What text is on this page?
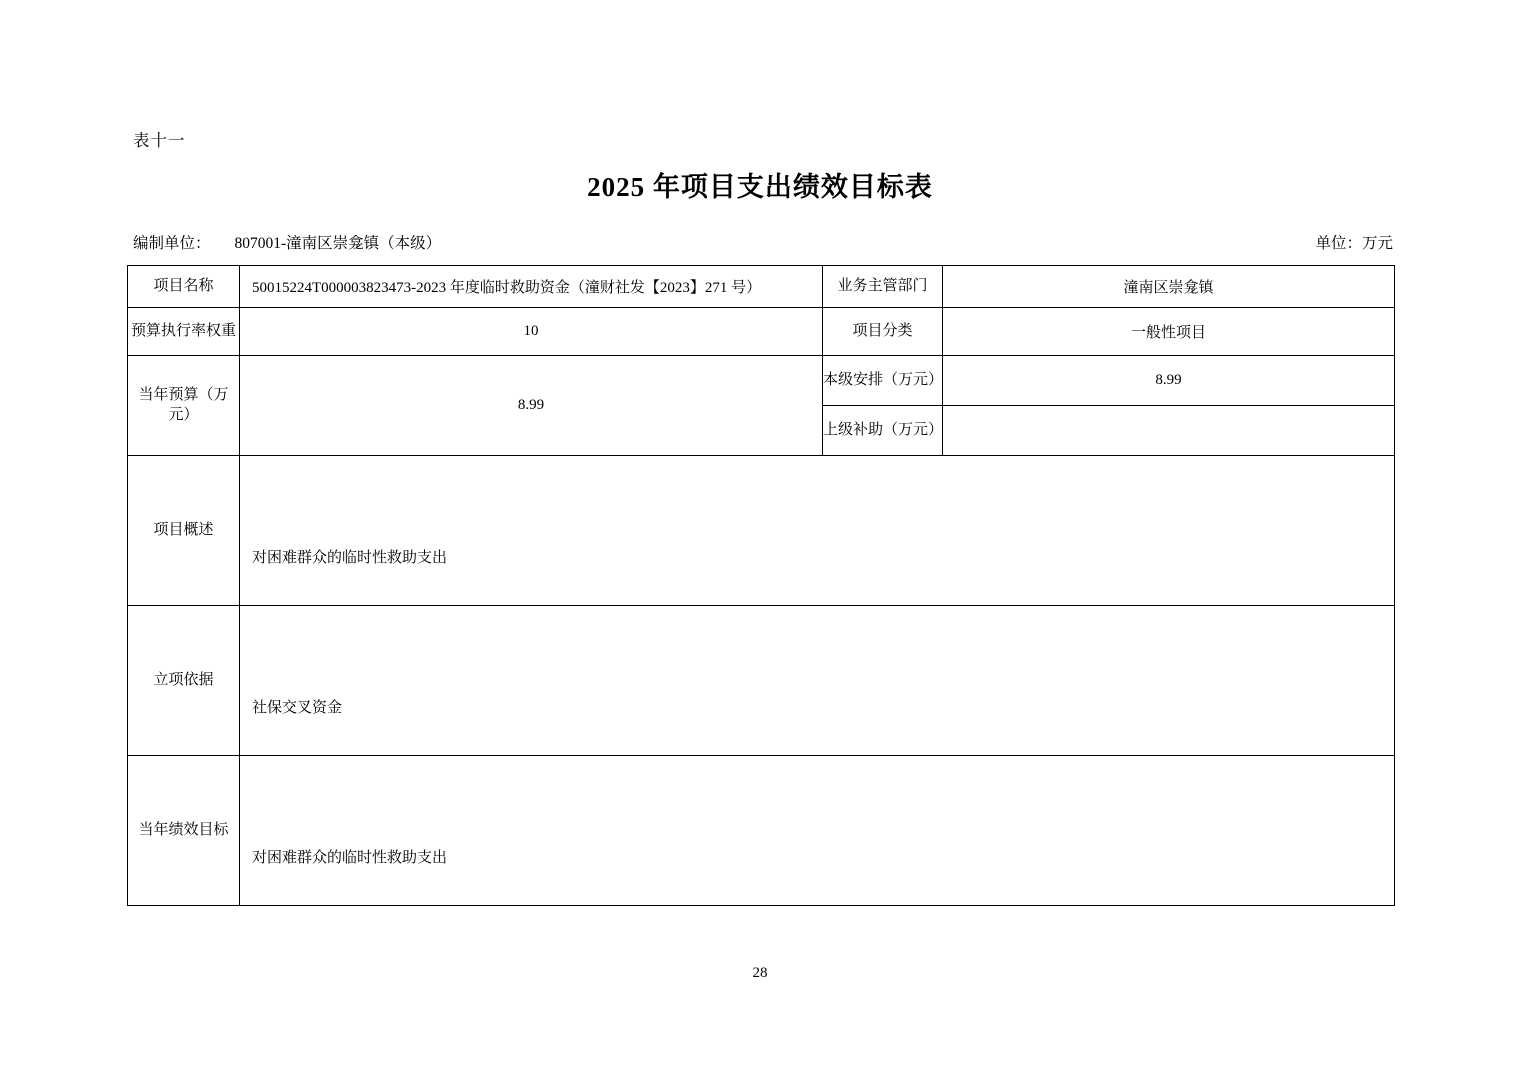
表十一
2025 年项目支出绩效目标表
编制单位： 807001-潼南区崇龛镇（本级）	单位：万元
项目名称	50015224T000003823473-2023 年度临时救助资金（潼财社发【2023】271 号）	业务主管部门	潼南区崇龛镇
预算执行率权重	10	项目分类	一般性项目
当年预算（万元）	8.99	本级安排（万元）	8.99
		上级补助（万元）	
项目概述	对困难群众的临时性救助支出		
立项依据	社保交叉资金		
当年绩效目标	对困难群众的临时性救助支出		
28
